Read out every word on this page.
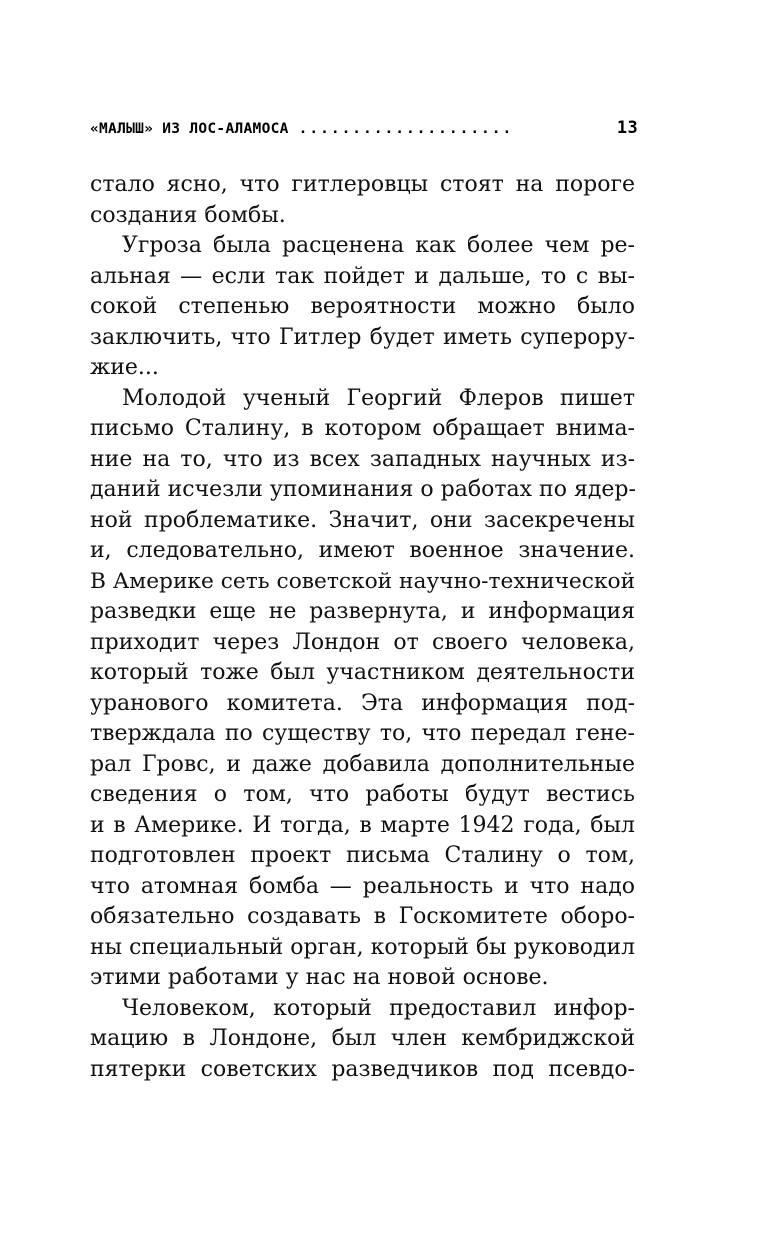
«МАЛЫШ» ИЗ ЛОС-АЛАМОСА ....................	13

стало ясно, что гитлеровцы стоят на пороге
создания бомбы.

Угроза была расценена как более чем ре-
альная — если так пойдет и дальше, то с вы-
сокой степенью вероятности можно было
заключить, что Гитлер будет иметь суперору-
жие...

Молодой ученый Георгий Флеров пишет
письмо Сталину, в котором обращает внима-
ние на то, что из всех западных научных из-
даний исчезли упоминания о работах по ядер-
ной проблематике. Значит, они засекречены
и, следовательно, имеют военное значение.
В Америке сеть советской научно-технической
разведки еще не развернута, и информация
приходит через Лондон от своего человека,
который тоже был участником деятельности
уранового комитета. Эта информация под-
тверждала по существу то, что передал гене-
рал Гровс, и даже добавила дополнительные
сведения о том, что работы будут вестись
и в Америке. И тогда, в марте 1942 года, был
подготовлен проект письма Сталину о том,
что атомная бомба — реальность и что надо
обязательно создавать в Госкомитете оборо-
ны специальный орган, который бы руководил
этими работами у нас на новой основе.

Человеком, который предоставил инфор-
мацию в Лондоне, был член кембриджской
пятерки советских разведчиков под псевдо-
